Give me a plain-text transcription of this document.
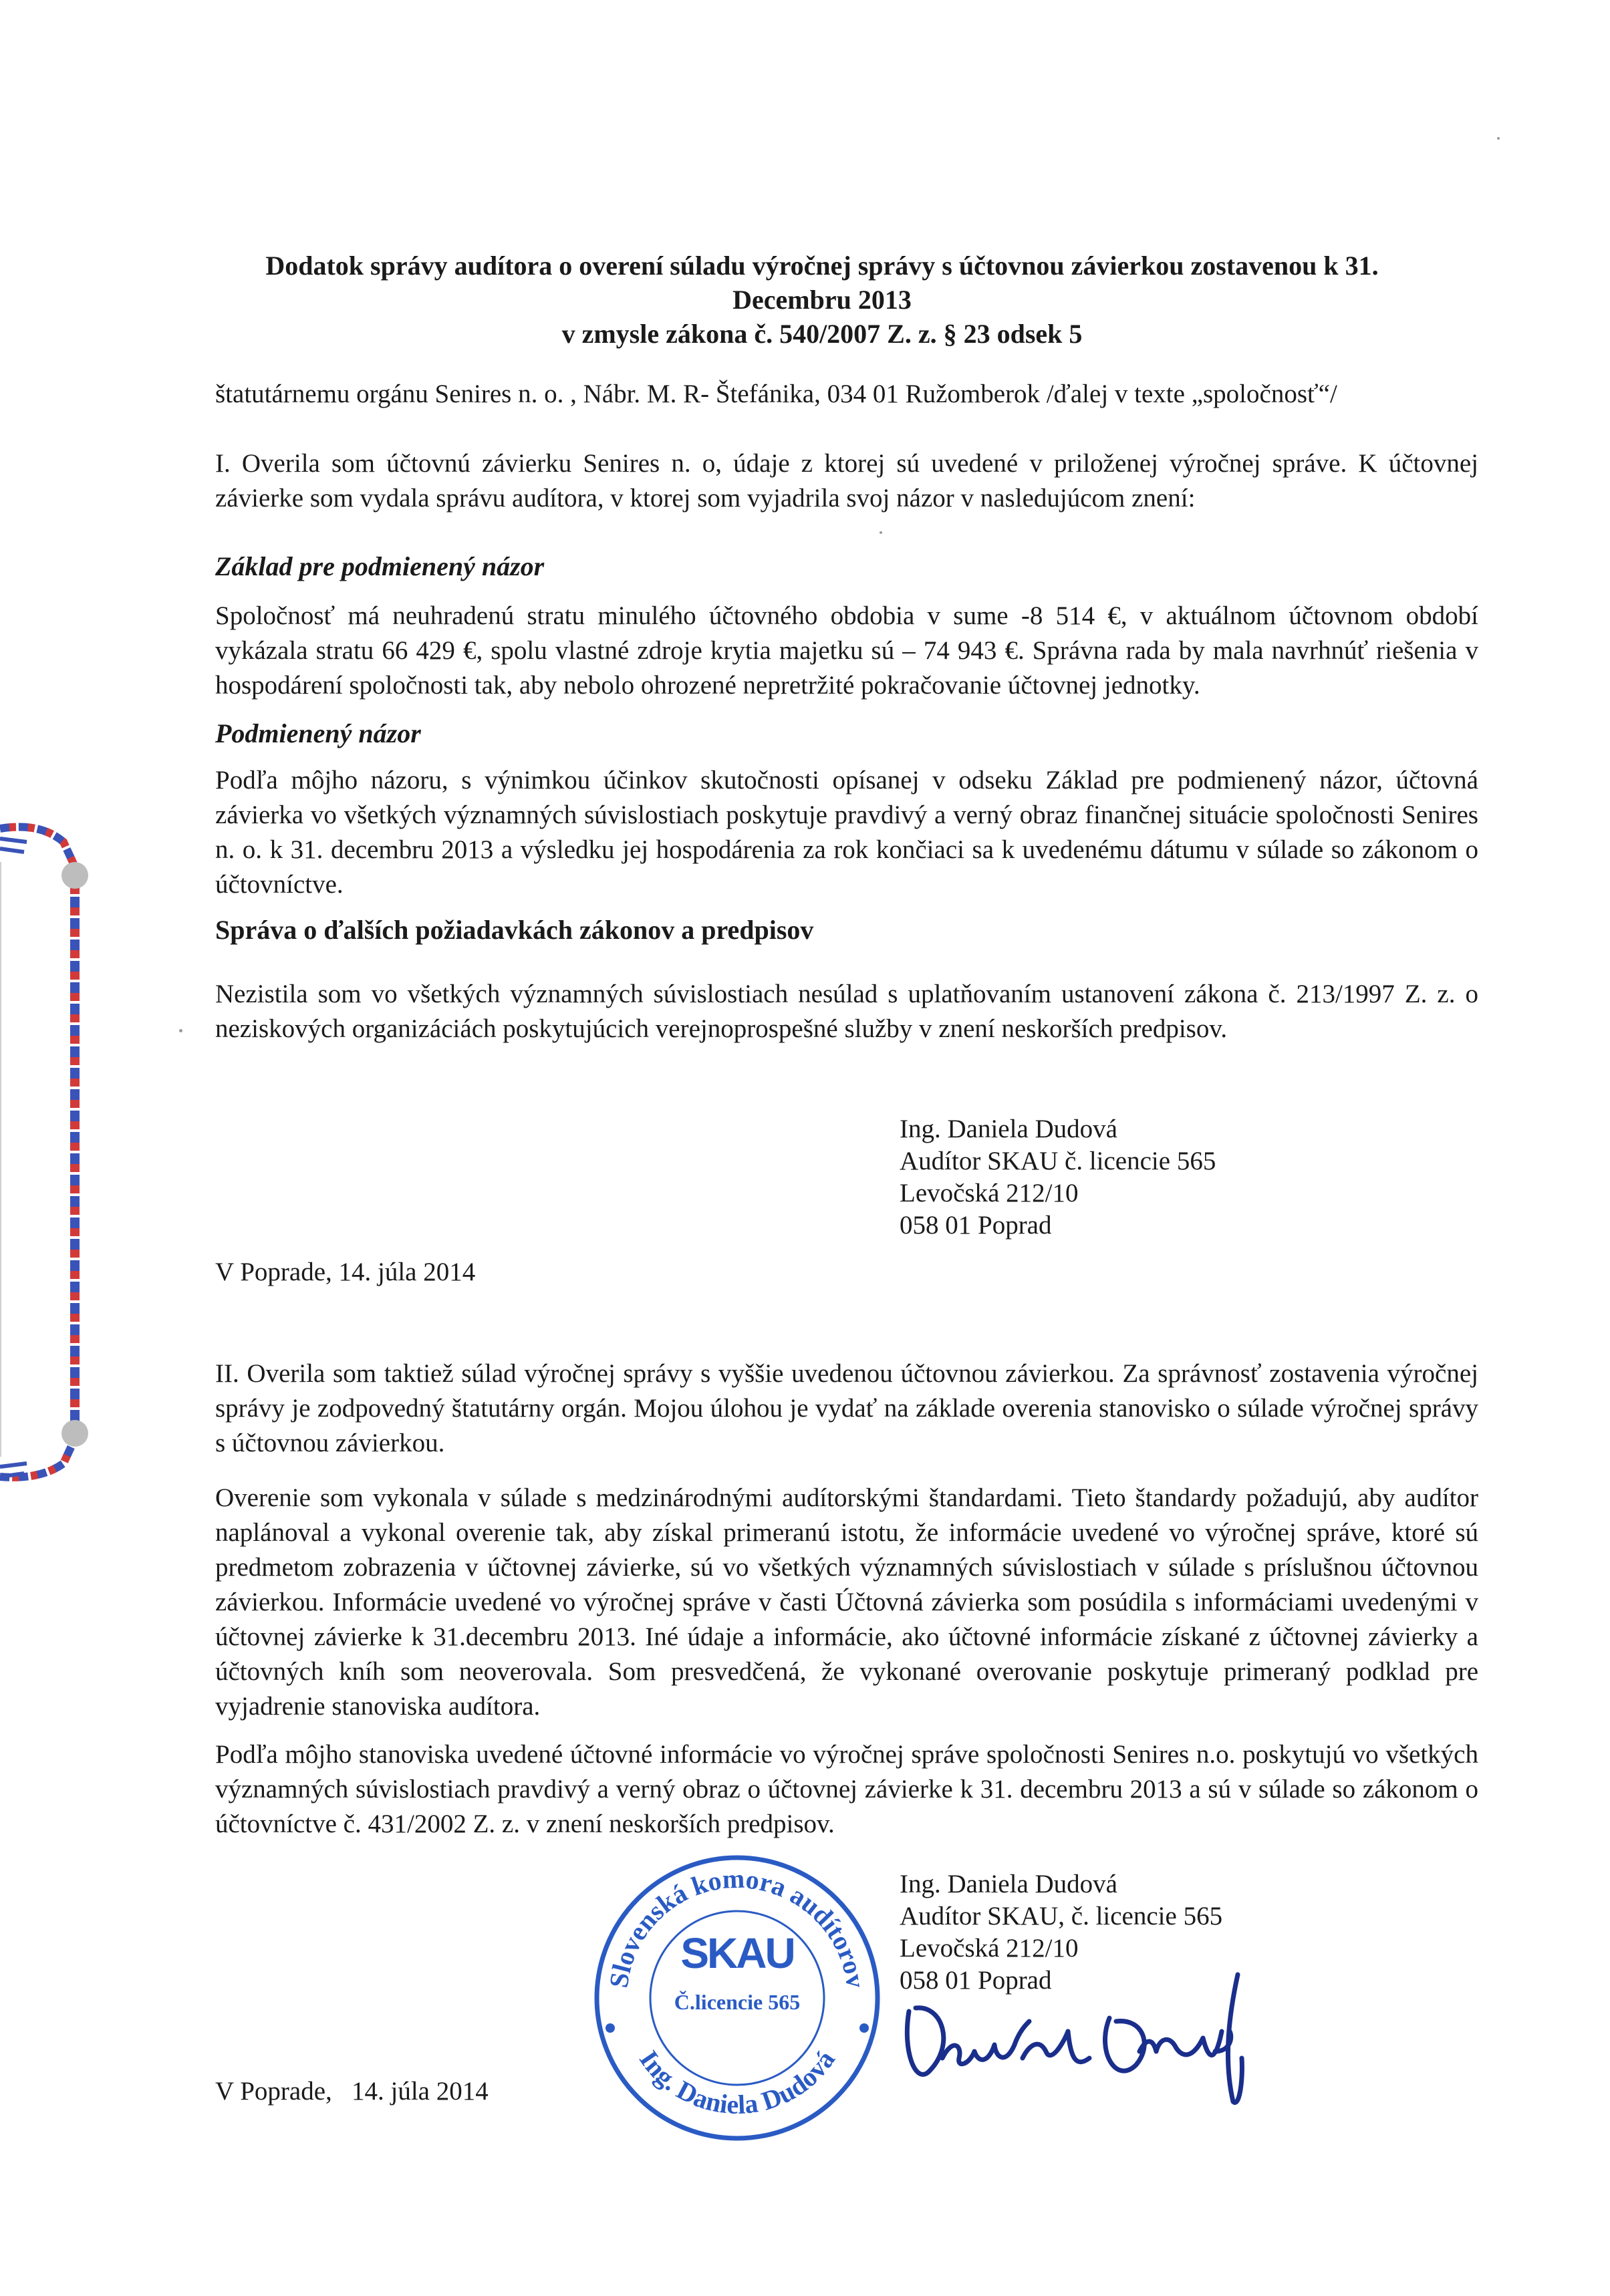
Dodatok správy audítora o overení súladu výročnej správy s účtovnou závierkou zostavenou k 31.
Decembru 2013
v zmysle zákona č. 540/2007 Z. z. § 23 odsek 5

štatutárnemu orgánu Senires n. o. , Nábr. M. R- Štefánika, 034 01 Ružomberok /ďalej v texte „spoločnosť“/

I. Overila som účtovnú závierku Senires n. o, údaje z ktorej sú uvedené v priloženej výročnej správe. K účtovnej závierke som vydala správu audítora, v ktorej som vyjadrila svoj názor v nasledujúcom znení:

Základ pre podmienený názor

Spoločnosť má neuhradenú stratu minulého účtovného obdobia v sume -8 514 €, v aktuálnom účtovnom období vykázala stratu 66 429 €, spolu vlastné zdroje krytia majetku sú – 74 943 €. Správna rada by mala navrhnúť riešenia v hospodárení spoločnosti tak, aby nebolo ohrozené nepretržité pokračovanie účtovnej jednotky.

Podmienený názor

Podľa môjho názoru, s výnimkou účinkov skutočnosti opísanej v odseku Základ pre podmienený názor, účtovná závierka vo všetkých významných súvislostiach poskytuje pravdivý a verný obraz finančnej situácie spoločnosti Senires n. o. k 31. decembru 2013 a výsledku jej hospodárenia za rok končiaci sa k uvedenému dátumu v súlade so zákonom o účtovníctve.

Správa o ďalších požiadavkách zákonov a predpisov

Nezistila som vo všetkých významných súvislostiach nesúlad s uplatňovaním ustanovení zákona č. 213/1997 Z. z. o neziskových organizáciách poskytujúcich verejnoprospešné služby v znení neskorších predpisov.

Ing. Daniela Dudová
Audítor SKAU č. licencie 565
Levočská 212/10
058 01 Poprad
V Poprade, 14. júla 2014

II. Overila som taktiež súlad výročnej správy s vyššie uvedenou účtovnou závierkou. Za správnosť zostavenia výročnej správy je zodpovedný štatutárny orgán. Mojou úlohou je vydať na základe overenia stanovisko o súlade výročnej správy s účtovnou závierkou.

Overenie som vykonala v súlade s medzinárodnými audítorskými štandardami. Tieto štandardy požadujú, aby audítor naplánoval a vykonal overenie tak, aby získal primeranú istotu, že informácie uvedené vo výročnej správe, ktoré sú predmetom zobrazenia v účtovnej závierke, sú vo všetkých významných súvislostiach v súlade s príslušnou účtovnou závierkou. Informácie uvedené vo výročnej správe v časti Účtovná závierka som posúdila s informáciami uvedenými v účtovnej závierke k 31.decembru 2013. Iné údaje a informácie, ako účtovné informácie získané z účtovnej závierky a účtovných kníh som neoverovala. Som presvedčená, že vykonané overovanie poskytuje primeraný podklad pre vyjadrenie stanoviska audítora.

Podľa môjho stanoviska uvedené účtovné informácie vo výročnej správe spoločnosti Senires n.o. poskytujú vo všetkých významných súvislostiach pravdivý a verný obraz o účtovnej závierke k 31. decembru 2013 a sú v súlade so zákonom o účtovníctve č. 431/2002 Z. z. v znení neskorších predpisov.

Ing. Daniela Dudová
Audítor SKAU, č. licencie 565
Levočská 212/10
058 01 Poprad
V Poprade,   14. júla 2014
Slovenská komora audítorov
Ing. Daniela Dudová
SKAU
Č.licencie 565
